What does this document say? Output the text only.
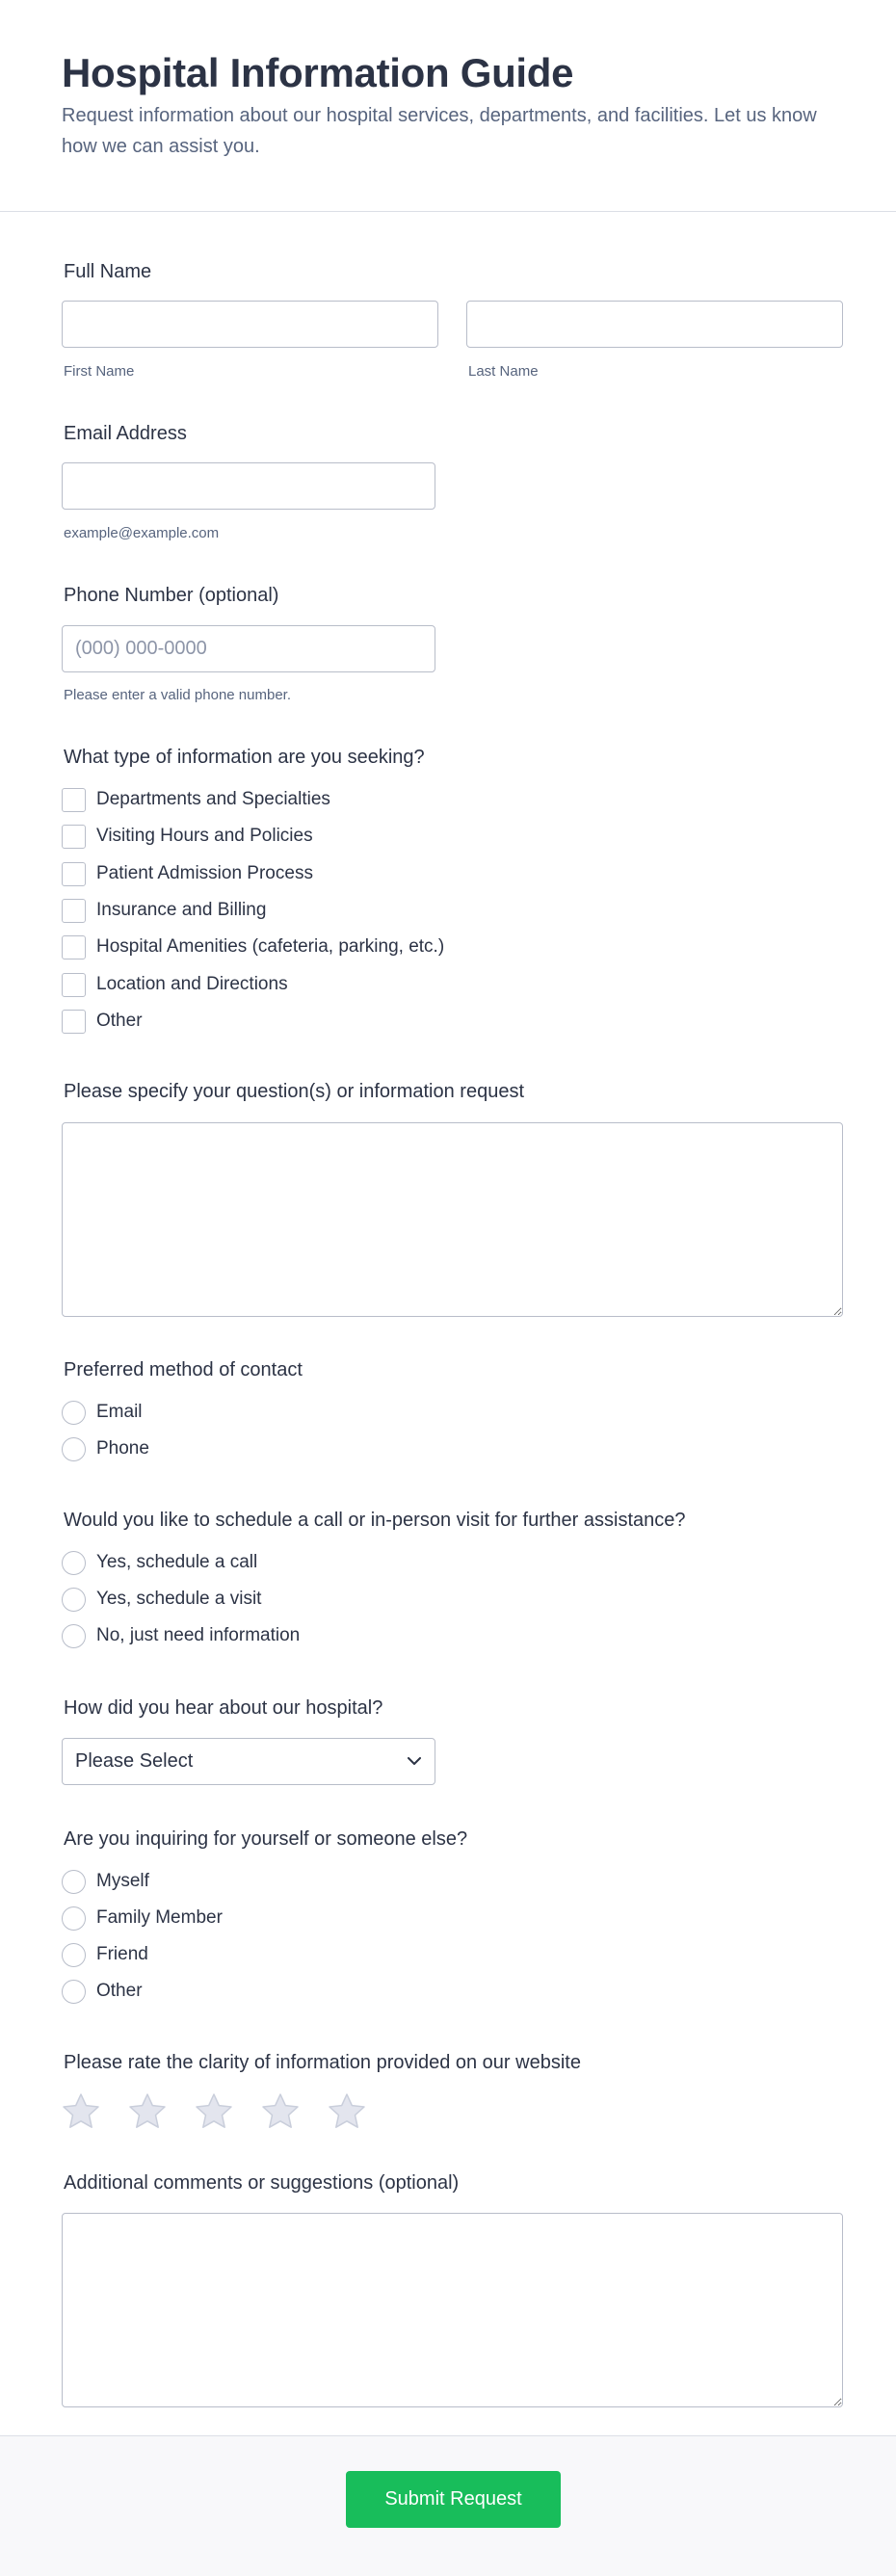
Hospital Information Guide

Request information about our hospital services, departments, and facilities. Let us know how we can assist you.

Full Name
First Name	Last Name
Email Address
example@example.com
Phone Number (optional)
(000) 000-0000
Please enter a valid phone number.
What type of information are you seeking?
Departments and Specialties
Visiting Hours and Policies
Patient Admission Process
Insurance and Billing
Hospital Amenities (cafeteria, parking, etc.)
Location and Directions
Other
Please specify your question(s) or information request
Preferred method of contact
Email
Phone
Would you like to schedule a call or in-person visit for further assistance?
Yes, schedule a call
Yes, schedule a visit
No, just need information
How did you hear about our hospital?
Please Select
Are you inquiring for yourself or someone else?
Myself
Family Member
Friend
Other
Please rate the clarity of information provided on our website
Additional comments or suggestions (optional)
Submit Request
